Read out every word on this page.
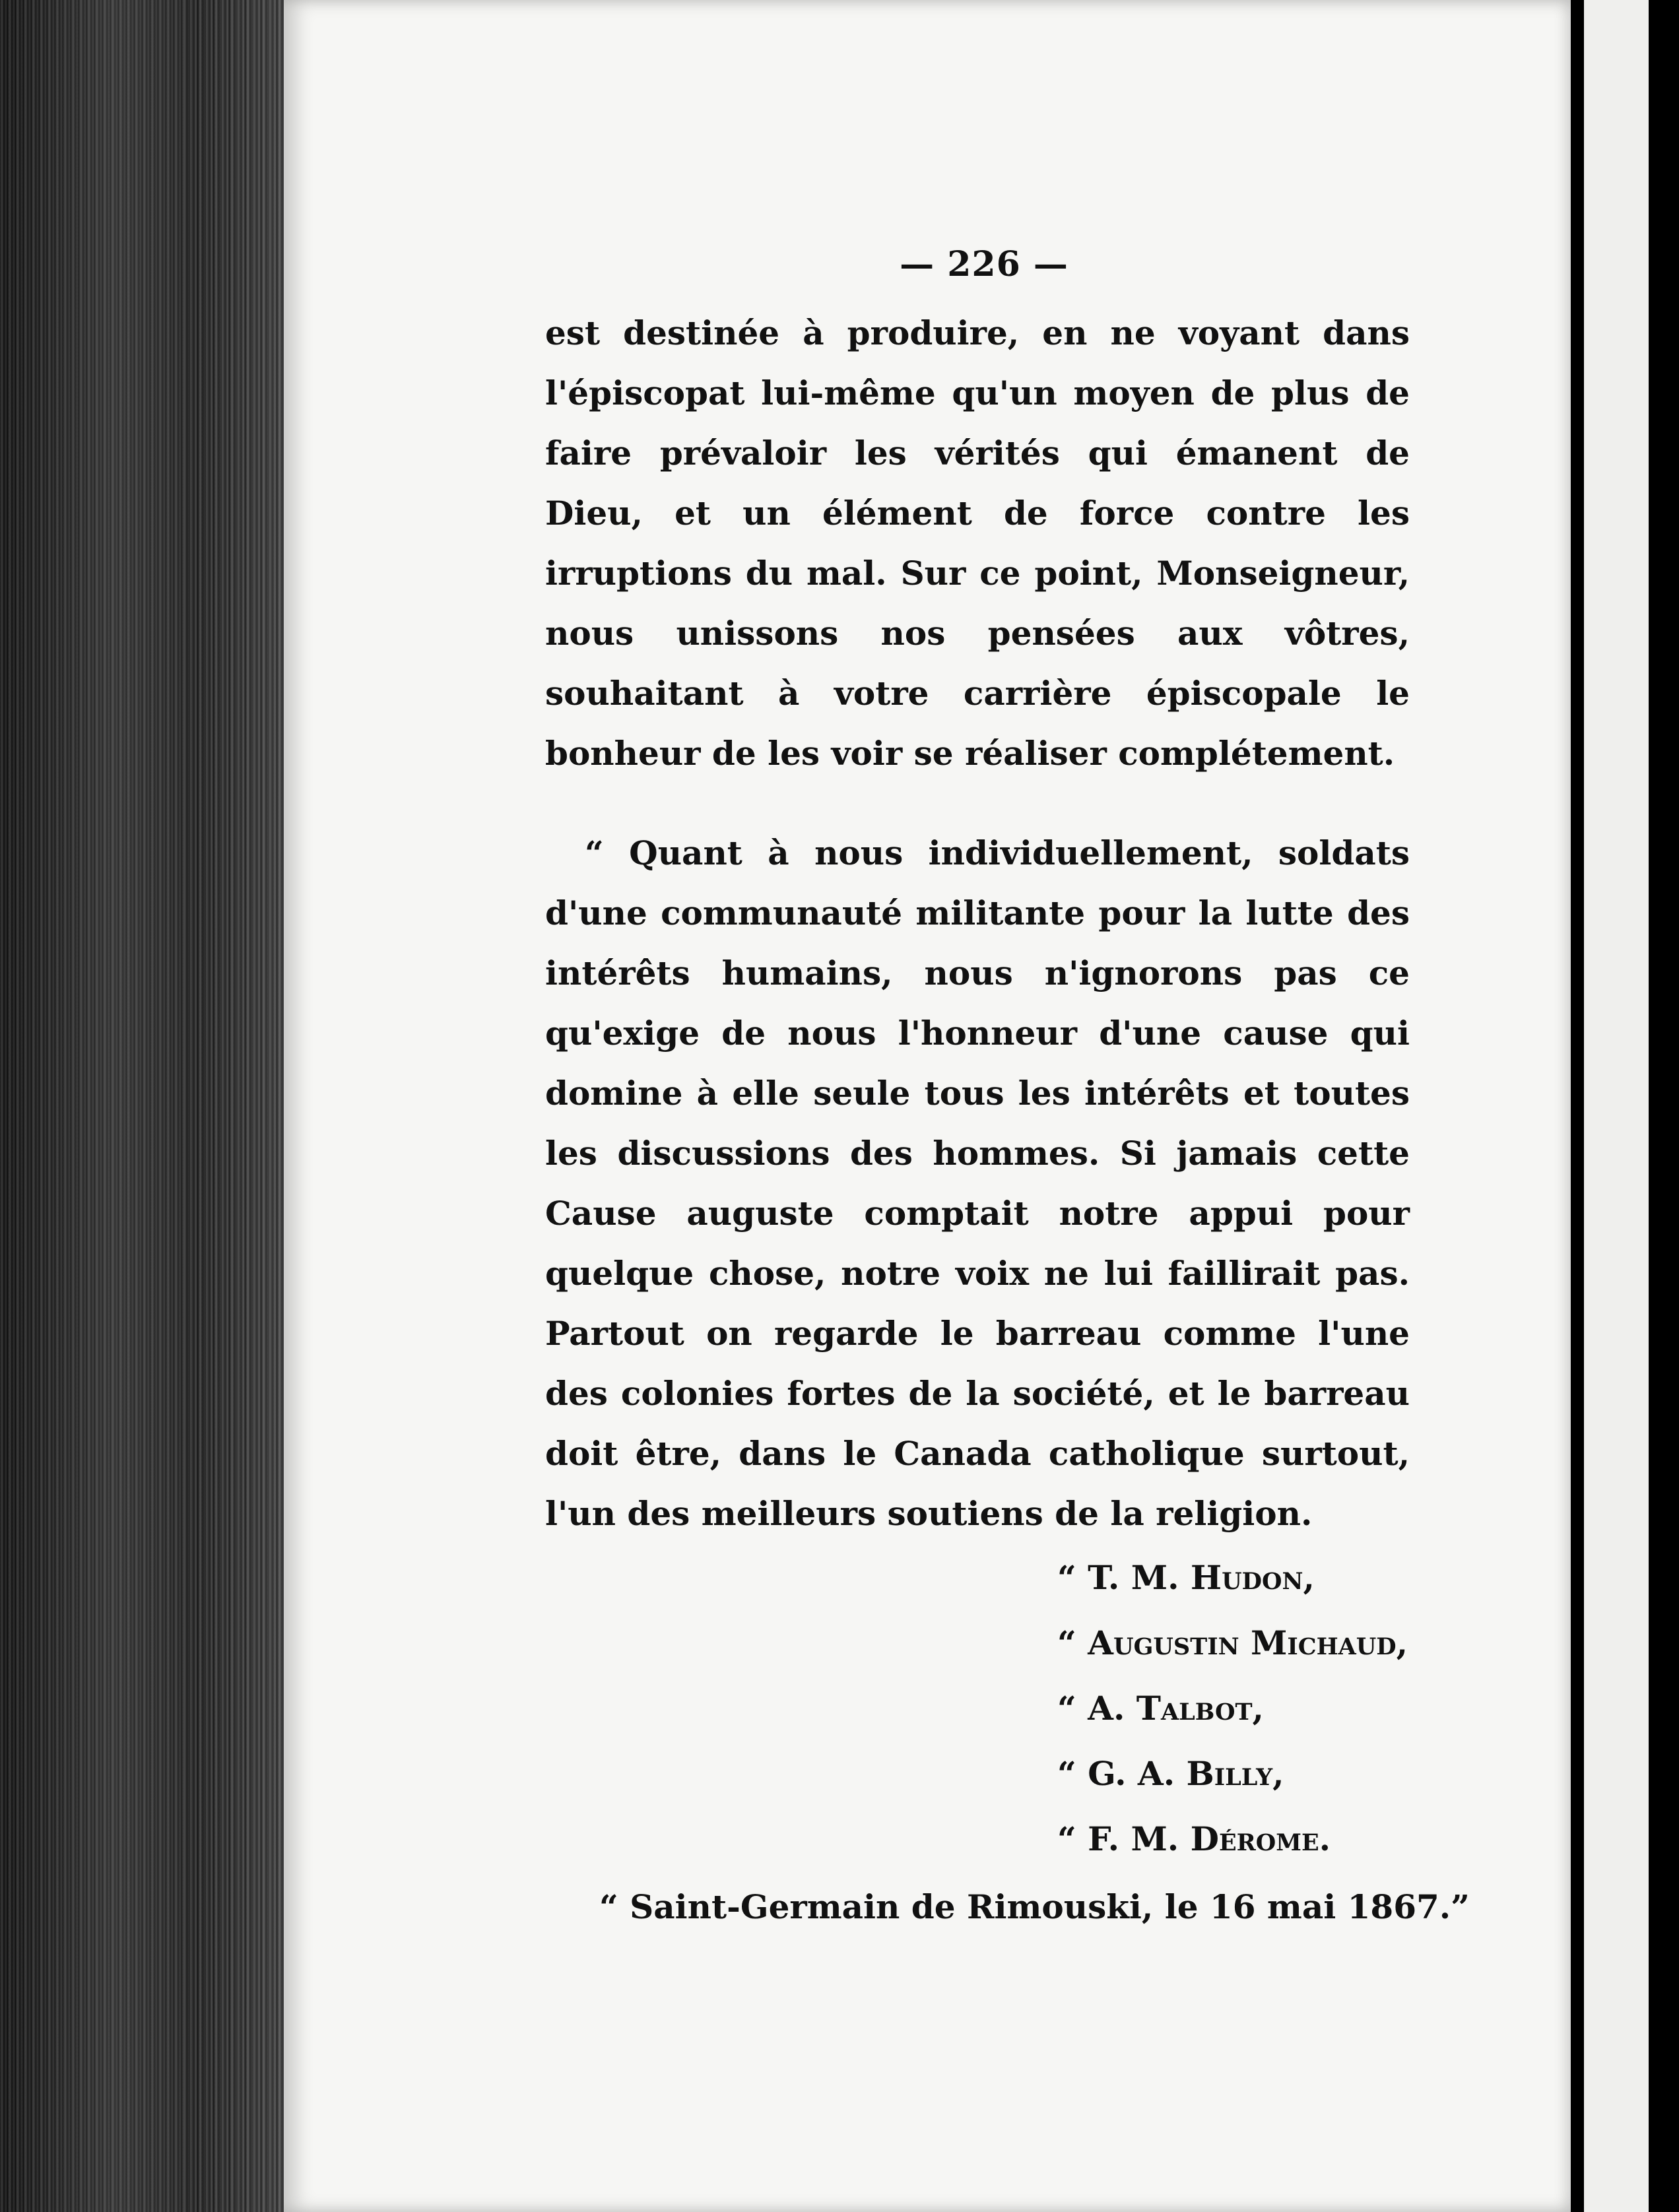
— 226 —

est destinée à produire, en ne voyant dans l'épiscopat lui-même qu'un moyen de plus de faire prévaloir les vérités qui émanent de Dieu, et un élément de force contre les irruptions du mal. Sur ce point, Monseigneur, nous unissons nos pensées aux vôtres, souhaitant à votre carrière épiscopale le bonheur de les voir se réaliser complétement.

“ Quant à nous individuellement, soldats d'une communauté militante pour la lutte des intérêts humains, nous n'ignorons pas ce qu'exige de nous l'honneur d'une cause qui domine à elle seule tous les intérêts et toutes les discussions des hommes. Si jamais cette Cause auguste comptait notre appui pour quelque chose, notre voix ne lui faillirait pas. Partout on regarde le barreau comme l'une des colonies fortes de la société, et le barreau doit être, dans le Canada catholique surtout, l'un des meilleurs soutiens de la religion.

“ T. M. Hudon,
“ Augustin Michaud,
“ A. Talbot,
“ G. A. Billy,
“ F. M. Dérome.
“ Saint-Germain de Rimouski, le 16 mai 1867.”
